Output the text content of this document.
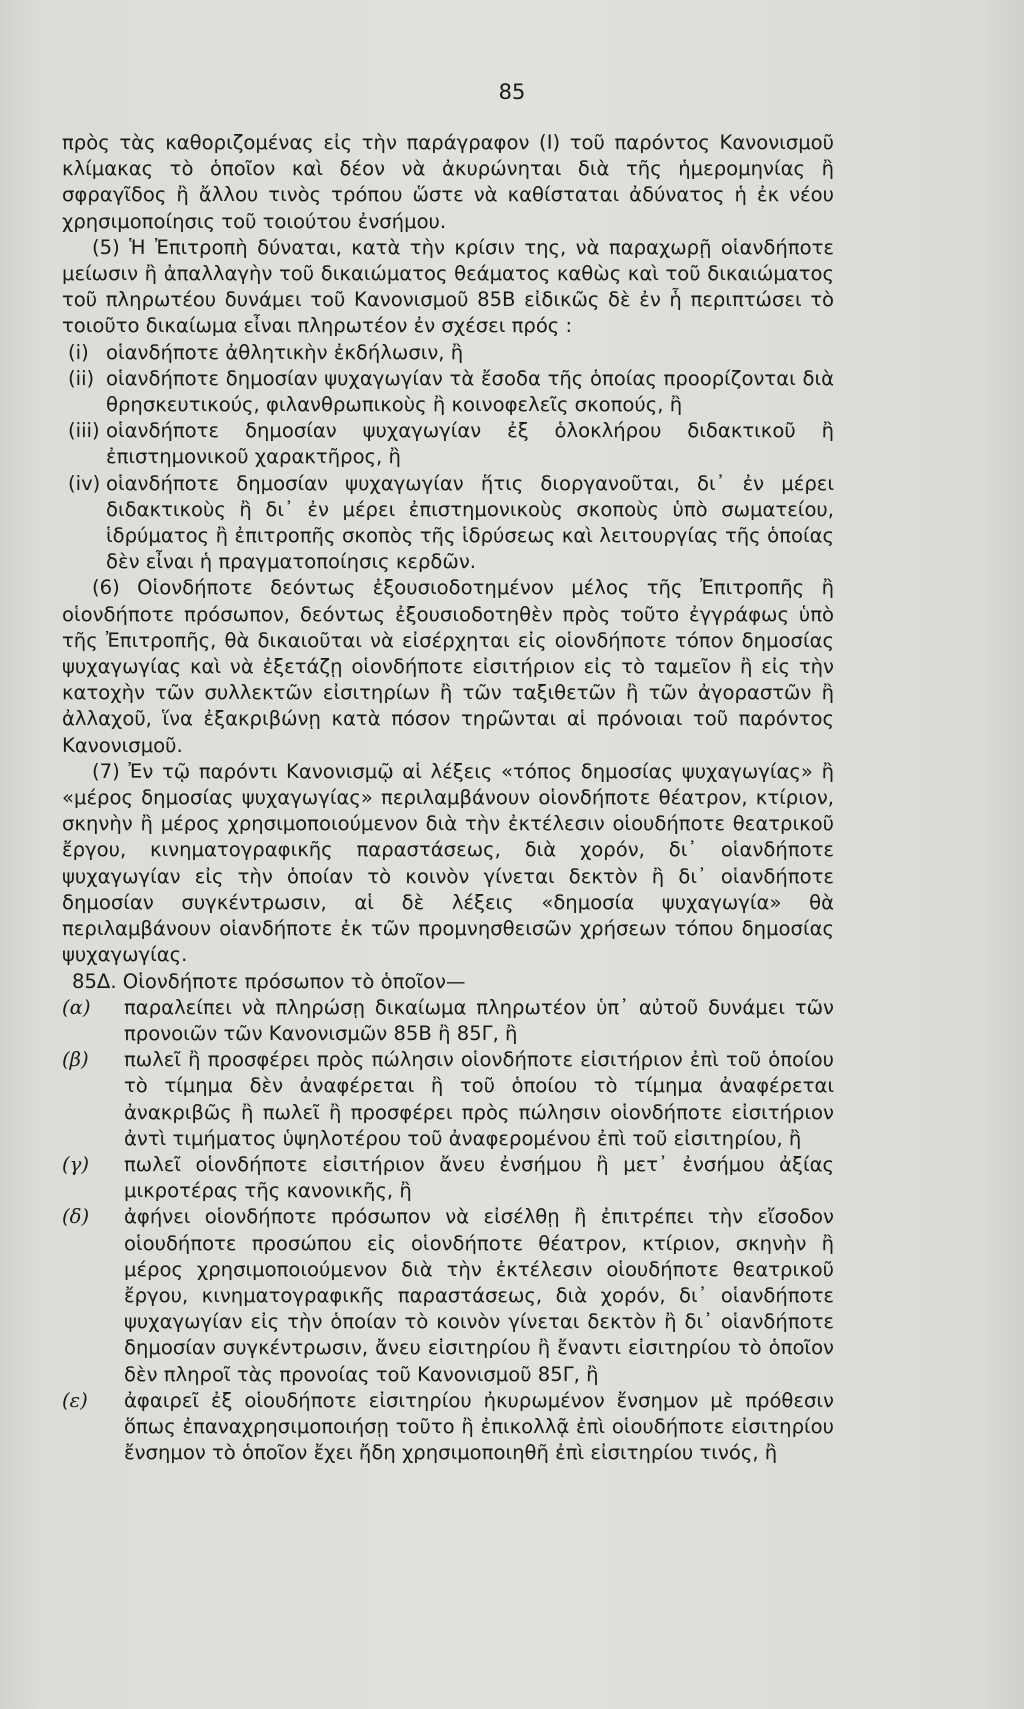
85

πρὸς τὰς καθοριζομένας εἰς τὴν παράγραφον (Ι) τοῦ παρόντος Κανονισμοῦ κλίμακας τὸ ὁποῖον καὶ δέον νὰ ἀκυρώνηται διὰ τῆς ἡμερομηνίας ἢ σφραγῖδος ἢ ἄλλου τινὸς τρόπου ὥστε νὰ καθίσταται ἀδύνατος ἡ ἐκ νέου χρησιμοποίησις τοῦ τοιούτου ἐνσήμου.

(5) Ἡ Ἐπιτροπὴ δύναται, κατὰ τὴν κρίσιν της, νὰ παραχωρῇ οἱανδήποτε μείωσιν ἢ ἀπαλλαγὴν τοῦ δικαιώματος θεάματος καθὼς καὶ τοῦ δικαιώματος τοῦ πληρωτέου δυνάμει τοῦ Κανονισμοῦ 85Β εἰδικῶς δὲ ἐν ἧ περιπτώσει τὸ τοιοῦτο δικαίωμα εἶναι πληρωτέον ἐν σχέσει πρός :

(i) οἱανδήποτε ἀθλητικὴν ἐκδήλωσιν, ἢ
(ii) οἱανδήποτε δημοσίαν ψυχαγωγίαν τὰ ἔσοδα τῆς ὁποίας προορίζονται διὰ θρησκευτικούς, φιλανθρωπικοὺς ἢ κοινοφελεῖς σκοπούς, ἢ
(iii) οἱανδήποτε δημοσίαν ψυχαγωγίαν ἐξ ὁλοκλήρου διδακτικοῦ ἢ ἐπιστημονικοῦ χαρακτῆρος, ἢ
(iv) οἱανδήποτε δημοσίαν ψυχαγωγίαν ἥτις διοργανοῦται, δι᾽ ἐν μέρει διδακτικοὺς ἢ δι᾽ ἐν μέρει ἐπιστημονικοὺς σκοποὺς ὑπὸ σωματείου, ἱδρύματος ἢ ἐπιτροπῆς σκοπὸς τῆς ἱδρύσεως καὶ λειτουργίας τῆς ὁποίας δὲν εἶναι ἡ πραγματοποίησις κερδῶν.

(6) Οἱονδήποτε δεόντως ἐξουσιοδοτημένον μέλος τῆς Ἐπιτροπῆς ἢ οἱονδήποτε πρόσωπον, δεόντως ἐξουσιοδοτηθὲν πρὸς τοῦτο ἐγγράφως ὑπὸ τῆς Ἐπιτροπῆς, θὰ δικαιοῦται νὰ εἰσέρχηται εἰς οἱονδήποτε τόπον δημοσίας ψυχαγωγίας καὶ νὰ ἐξετάζῃ οἱονδήποτε εἰσιτήριον εἰς τὸ ταμεῖον ἢ εἰς τὴν κατοχὴν τῶν συλλεκτῶν εἰσιτηρίων ἢ τῶν ταξιθετῶν ἢ τῶν ἀγοραστῶν ἢ ἀλλαχοῦ, ἵνα ἐξακριβώνῃ κατὰ πόσον τηρῶνται αἱ πρόνοιαι τοῦ παρόντος Κανονισμοῦ.

(7) Ἐν τῷ παρόντι Κανονισμῷ αἱ λέξεις «τόπος δημοσίας ψυχαγωγίας» ἢ «μέρος δημοσίας ψυχαγωγίας» περιλαμβάνουν οἱονδήποτε θέατρον, κτίριον, σκηνὴν ἢ μέρος χρησιμοποιούμενον διὰ τὴν ἐκτέλεσιν οἱουδήποτε θεατρικοῦ ἔργου, κινηματογραφικῆς παραστάσεως, διὰ χορόν, δι᾽ οἱανδήποτε ψυχαγωγίαν εἰς τὴν ὁποίαν τὸ κοινὸν γίνεται δεκτὸν ἢ δι᾽ οἱανδήποτε δημοσίαν συγκέντρωσιν, αἱ δὲ λέξεις «δημοσία ψυχαγωγία» θὰ περιλαμβάνουν οἱανδήποτε ἐκ τῶν προμνησθεισῶν χρήσεων τόπου δημοσίας ψυχαγωγίας.

85Δ. Οἱονδήποτε πρόσωπον τὸ ὁποῖον—

(α)	παραλείπει νὰ πληρώσῃ δικαίωμα πληρωτέον ὑπ᾽ αὐτοῦ δυνάμει τῶν προνοιῶν τῶν Κανονισμῶν 85Β ἢ 85Γ, ἢ
(β)	πωλεῖ ἢ προσφέρει πρὸς πώλησιν οἱονδήποτε εἰσιτήριον ἐπὶ τοῦ ὁποίου τὸ τίμημα δὲν ἀναφέρεται ἢ τοῦ ὁποίου τὸ τίμημα ἀναφέρεται ἀνακριβῶς ἢ πωλεῖ ἢ προσφέρει πρὸς πώλησιν οἱονδήποτε εἰσιτήριον ἀντὶ τιμήματος ὑψηλοτέρου τοῦ ἀναφερομένου ἐπὶ τοῦ εἰσιτηρίου, ἢ
(γ)	πωλεῖ οἱονδήποτε εἰσιτήριον ἄνευ ἐνσήμου ἢ μετ᾽ ἐνσήμου ἀξίας μικροτέρας τῆς κανονικῆς, ἢ
(δ)	ἀφήνει οἱονδήποτε πρόσωπον νὰ εἰσέλθῃ ἢ ἐπιτρέπει τὴν εἴσοδον οἱουδήποτε προσώπου εἰς οἱονδήποτε θέατρον, κτίριον, σκηνὴν ἢ μέρος χρησιμοποιούμενον διὰ τὴν ἐκτέλεσιν οἱουδήποτε θεατρικοῦ ἔργου, κινηματογραφικῆς παραστάσεως, διὰ χορόν, δι᾽ οἱανδήποτε ψυχαγωγίαν εἰς τὴν ὁποίαν τὸ κοινὸν γίνεται δεκτὸν ἢ δι᾽ οἱανδήποτε δημοσίαν συγκέντρωσιν, ἄνευ εἰσιτηρίου ἢ ἔναντι εἰσιτηρίου τὸ ὁποῖον δὲν πληροῖ τὰς προνοίας τοῦ Κανονισμοῦ 85Γ, ἢ
(ε)	ἀφαιρεῖ ἐξ οἱουδήποτε εἰσιτηρίου ἠκυρωμένον ἔνσημον μὲ πρόθεσιν ὅπως ἐπαναχρησιμοποιήσῃ τοῦτο ἢ ἐπικολλᾷ ἐπὶ οἱουδήποτε εἰσιτηρίου ἔνσημον τὸ ὁποῖον ἔχει ἤδη χρησιμοποιηθῆ ἐπὶ εἰσιτηρίου τινός, ἢ
